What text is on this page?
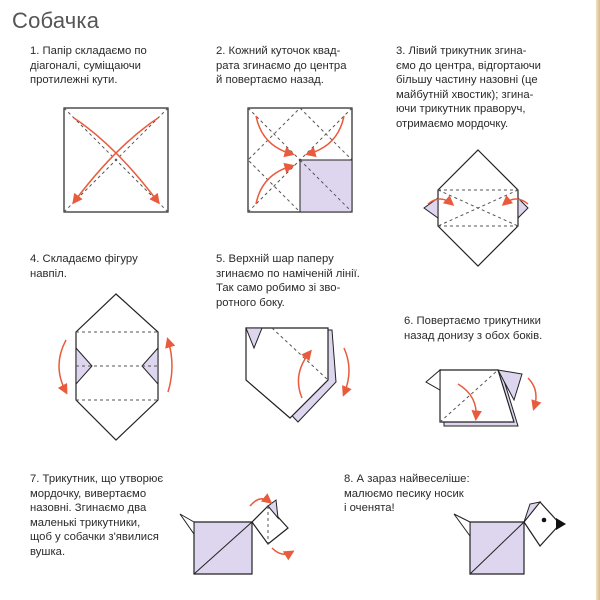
Собачка
1. Папір складаємо по
діагоналі, суміщаючи
протилежні кути.
2. Кожний куточок квад-
рата згинаємо до центра
й повертаємо назад.
3. Лівий трикутник згина-
ємо до центра, відгортаючи
більшу частину назовні (це
майбутній хвостик); згина-
ючи трикутник праворуч,
отримаємо мордочку.
4. Складаємо фігуру
навпіл.
5. Верхній шар паперу
згинаємо по наміченій лінії.
Так само робимо зі зво-
ротного боку.
6. Повертаємо трикутники
назад донизу з обох боків.
7. Трикутник, що утворює
мордочку, вивертаємо
назовні. Згинаємо два
маленькі трикутники,
щоб у собачки з'явилися
вушка.
8. А зараз найвеселіше:
малюємо песику носик
і оченята!
